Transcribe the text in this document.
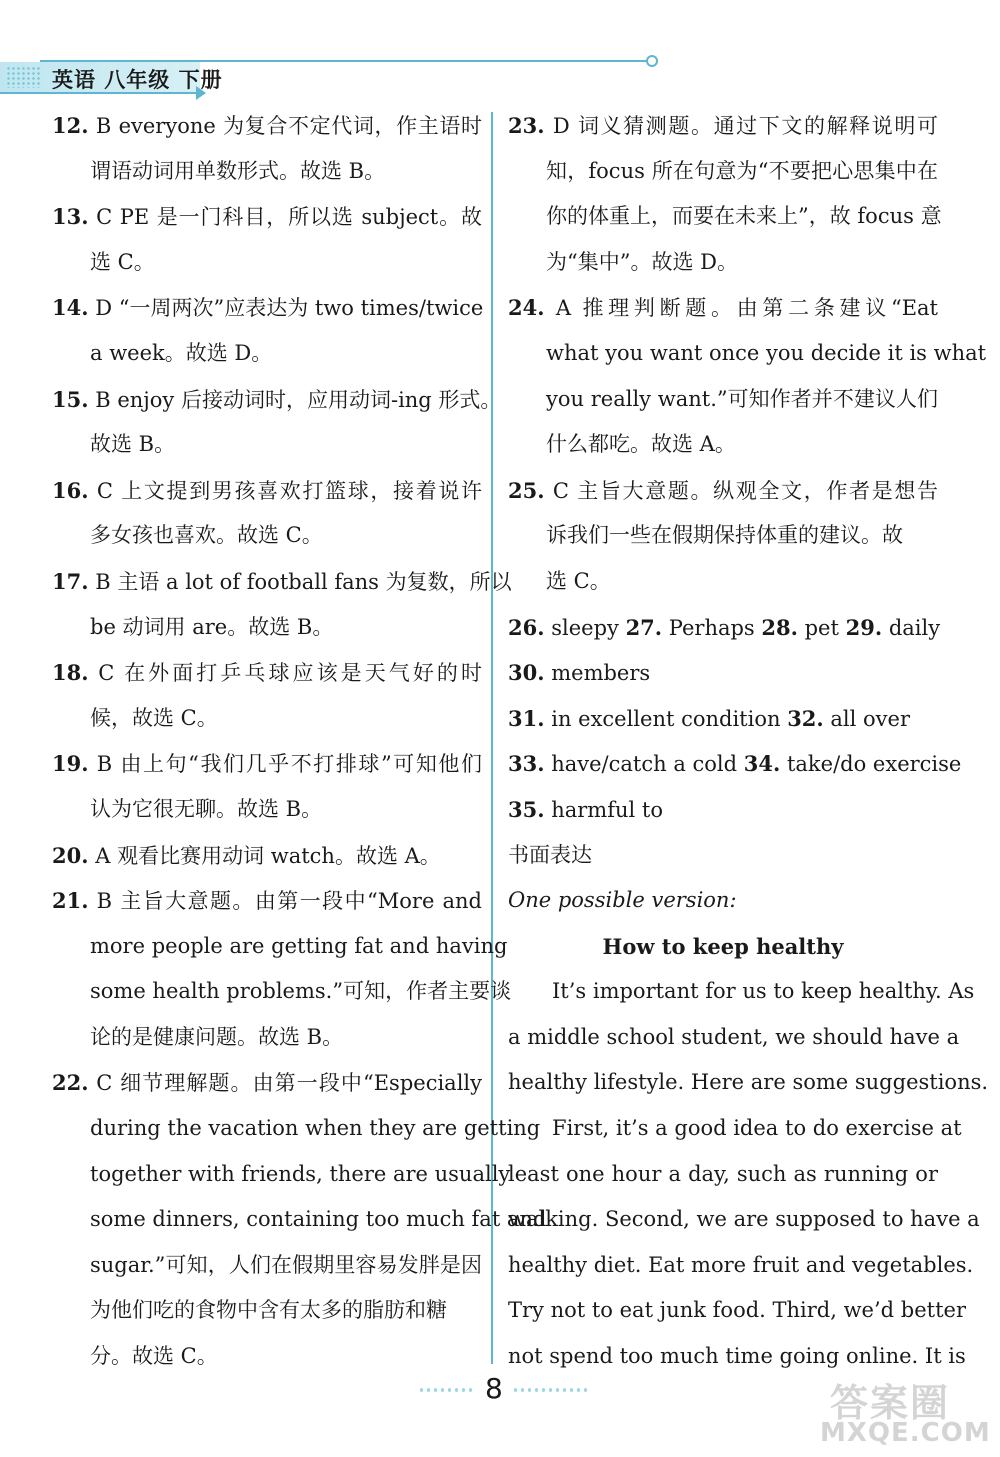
英语 八年级 下册
12. B everyone 为复合不定代词，作主语时
谓语动词用单数形式。故选 B。
13. C PE 是一门科目，所以选 subject。故
选 C。
14. D “一周两次”应表达为 two times/twice
a week。故选 D。
15. B enjoy 后接动词时，应用动词-ing 形式。
故选 B。
16. C 上文提到男孩喜欢打篮球，接着说许
多女孩也喜欢。故选 C。
17. B 主语 a lot of football fans 为复数，所以
be 动词用 are。故选 B。
18. C 在外面打乒乓球应该是天气好的时
候，故选 C。
19. B 由上句“我们几乎不打排球”可知他们
认为它很无聊。故选 B。
20. A 观看比赛用动词 watch。故选 A。
21. B 主旨大意题。由第一段中“More and
more people are getting fat and having
some health problems.”可知，作者主要谈
论的是健康问题。故选 B。
22. C 细节理解题。由第一段中“Especially
during the vacation when they are getting
together with friends, there are usually
some dinners, containing too much fat and
sugar.”可知，人们在假期里容易发胖是因
为他们吃的食物中含有太多的脂肪和糖
分。故选 C。
23. D 词义猜测题。通过下文的解释说明可
知，focus 所在句意为“不要把心思集中在
你的体重上，而要在未来上”，故 focus 意
为“集中”。故选 D。
24. A 推理判断题。由第二条建议“Eat
what you want once you decide it is what
you really want.”可知作者并不建议人们
什么都吃。故选 A。
25. C 主旨大意题。纵观全文，作者是想告
诉我们一些在假期保持体重的建议。故
选 C。
26. sleepy 27. Perhaps 28. pet 29. daily
30. members
31. in excellent condition 32. all over
33. have/catch a cold 34. take/do exercise
35. harmful to
书面表达
One possible version:
How to keep healthy
It’s important for us to keep healthy. As
a middle school student, we should have a
healthy lifestyle. Here are some suggestions.
First, it’s a good idea to do exercise at
least one hour a day, such as running or
walking. Second, we are supposed to have a
healthy diet. Eat more fruit and vegetables.
Try not to eat junk food. Third, we’d better
not spend too much time going online. It is
8	答案圈
MXQE.COM
